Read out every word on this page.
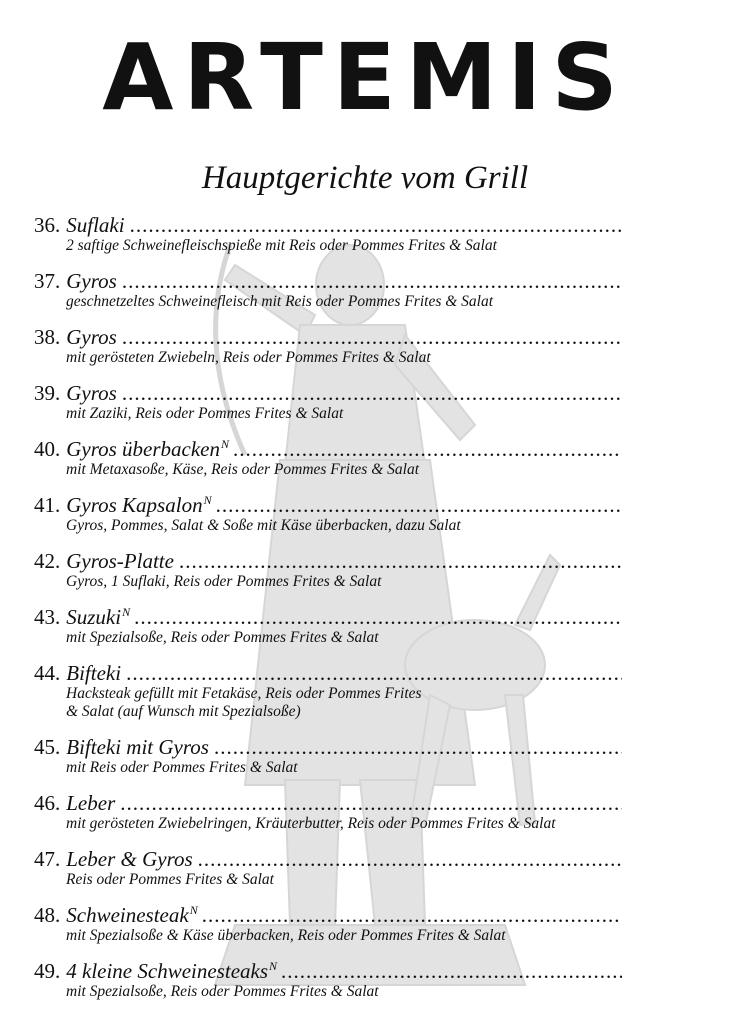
ARTEMIS
Hauptgerichte vom Grill
36. Suflaki
.....
2 saftige Schweinefleischspieße mit Reis oder Pommes Frites & Salat
37. Gyros
.....
geschnetzeltes Schweinefleisch mit Reis oder Pommes Frites & Salat
38. Gyros
.....
mit gerösteten Zwiebeln, Reis oder Pommes Frites & Salat
39. Gyros
.....
mit Zaziki, Reis oder Pommes Frites & Salat
40. Gyros überbacken$^N$
.....
mit Metaxasoße, Käse, Reis oder Pommes Frites & Salat
41. Gyros Kapsalon$^N$
.....
Gyros, Pommes, Salat & Soße mit Käse überbacken, dazu Salat
42. Gyros-Platte
.....
Gyros, 1 Suflaki, Reis oder Pommes Frites & Salat
43. Suzuki$^N$
.....
mit Spezialsoße, Reis oder Pommes Frites & Salat
44. Bifteki
.....
Hacksteak gefüllt mit Fetakäse, Reis oder Pommes Frites
& Salat (auf Wunsch mit Spezialsoße)
45. Bifteki mit Gyros
.....
mit Reis oder Pommes Frites & Salat
46. Leber
.....
mit gerösteten Zwiebelringen, Kräuterbutter, Reis oder Pommes Frites & Salat
47. Leber & Gyros
.....
Reis oder Pommes Frites & Salat
48. Schweinesteak$^N$
.....
mit Spezialsoße & Käse überbacken, Reis oder Pommes Frites & Salat
49. 4 kleine Schweinesteaks$^N$
.....
mit Spezialsoße, Reis oder Pommes Frites & Salat
